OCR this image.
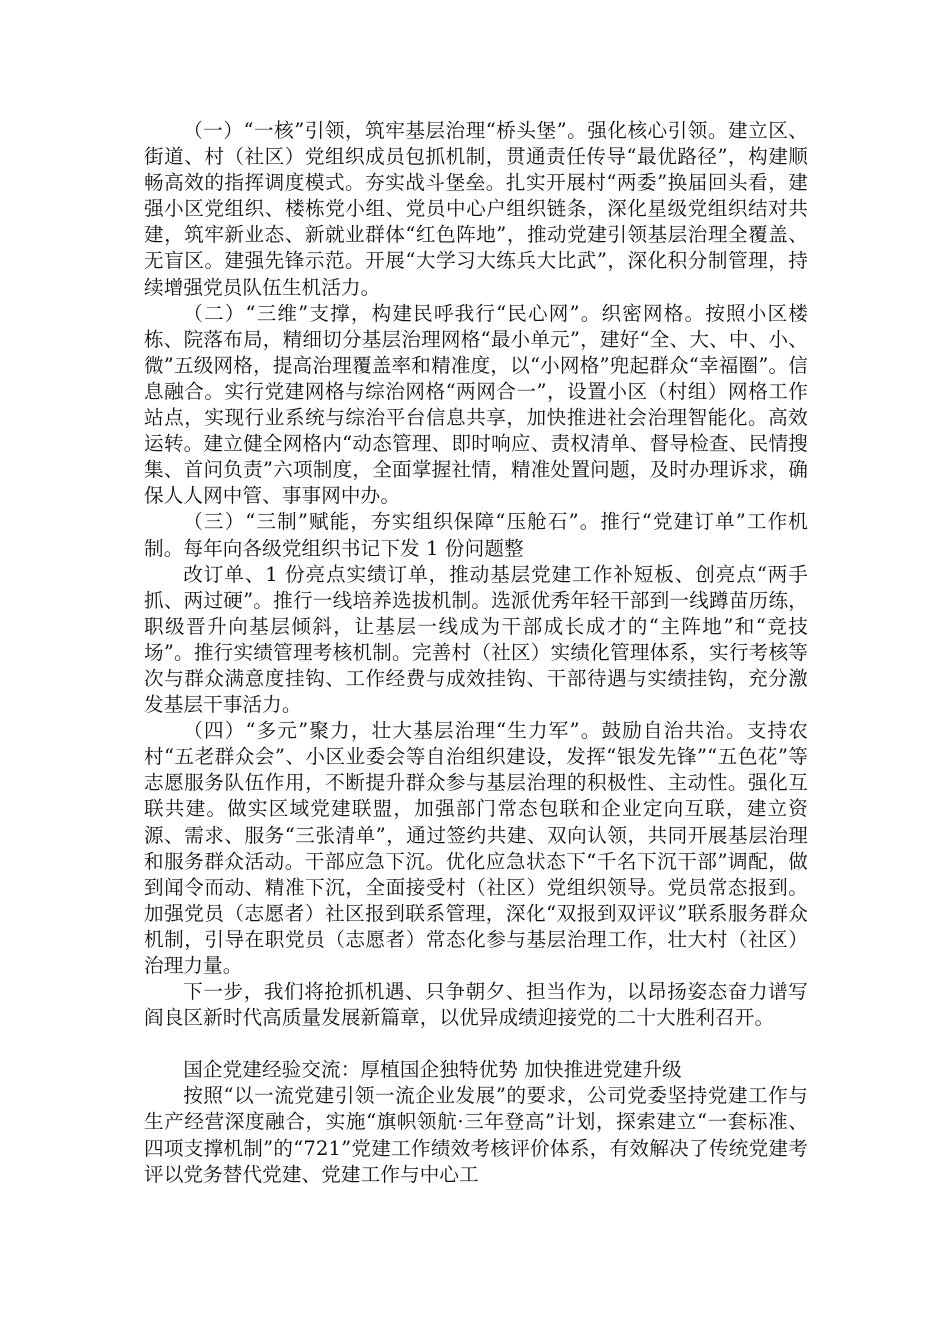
（一）“一核”引领，筑牢基层治理“桥头堡”。强化核心引领。建立区、街道、村（社区）党组织成员包抓机制，贯通责任传导“最优路径”，构建顺畅高效的指挥调度模式。夯实战斗堡垒。扎实开展村“两委”换届回头看，建强小区党组织、楼栋党小组、党员中心户组织链条，深化星级党组织结对共建，筑牢新业态、新就业群体“红色阵地”，推动党建引领基层治理全覆盖、无盲区。建强先锋示范。开展“大学习大练兵大比武”，深化积分制管理，持续增强党员队伍生机活力。

（二）“三维”支撑，构建民呼我行“民心网”。织密网格。按照小区楼栋、院落布局，精细切分基层治理网格“最小单元”，建好“全、大、中、小、微”五级网格，提高治理覆盖率和精准度，以“小网格”兜起群众“幸福圈”。信息融合。实行党建网格与综治网格“两网合一”，设置小区（村组）网格工作站点，实现行业系统与综治平台信息共享，加快推进社会治理智能化。高效运转。建立健全网格内“动态管理、即时响应、责权清单、督导检查、民情搜集、首问负责”六项制度，全面掌握社情，精准处置问题，及时办理诉求，确保人人网中管、事事网中办。

（三）“三制”赋能，夯实组织保障“压舱石”。推行“党建订单”工作机制。每年向各级党组织书记下发 1 份问题整

改订单、1 份亮点实绩订单，推动基层党建工作补短板、创亮点“两手抓、两过硬”。推行一线培养选拔机制。选派优秀年轻干部到一线蹲苗历练，职级晋升向基层倾斜，让基层一线成为干部成长成才的“主阵地”和“竞技场”。推行实绩管理考核机制。完善村（社区）实绩化管理体系，实行考核等次与群众满意度挂钩、工作经费与成效挂钩、干部待遇与实绩挂钩，充分激发基层干事活力。

（四）“多元”聚力，壮大基层治理“生力军”。鼓励自治共治。支持农村“五老群众会”、小区业委会等自治组织建设，发挥“银发先锋”“五色花”等志愿服务队伍作用，不断提升群众参与基层治理的积极性、主动性。强化互联共建。做实区域党建联盟，加强部门常态包联和企业定向互联，建立资源、需求、服务“三张清单”，通过签约共建、双向认领，共同开展基层治理和服务群众活动。干部应急下沉。优化应急状态下“千名下沉干部”调配，做到闻令而动、精准下沉，全面接受村（社区）党组织领导。党员常态报到。加强党员（志愿者）社区报到联系管理，深化“双报到双评议”联系服务群众机制，引导在职党员（志愿者）常态化参与基层治理工作，壮大村（社区）治理力量。

下一步，我们将抢抓机遇、只争朝夕、担当作为，以昂扬姿态奋力谱写阎良区新时代高质量发展新篇章，以优异成绩迎接党的二十大胜利召开。

国企党建经验交流：厚植国企独特优势 加快推进党建升级

按照“以一流党建引领一流企业发展”的要求，公司党委坚持党建工作与生产经营深度融合，实施“旗帜领航·三年登高”计划，探索建立“一套标准、四项支撑机制”的“721”党建工作绩效考核评价体系，有效解决了传统党建考评以党务替代党建、党建工作与中心工
